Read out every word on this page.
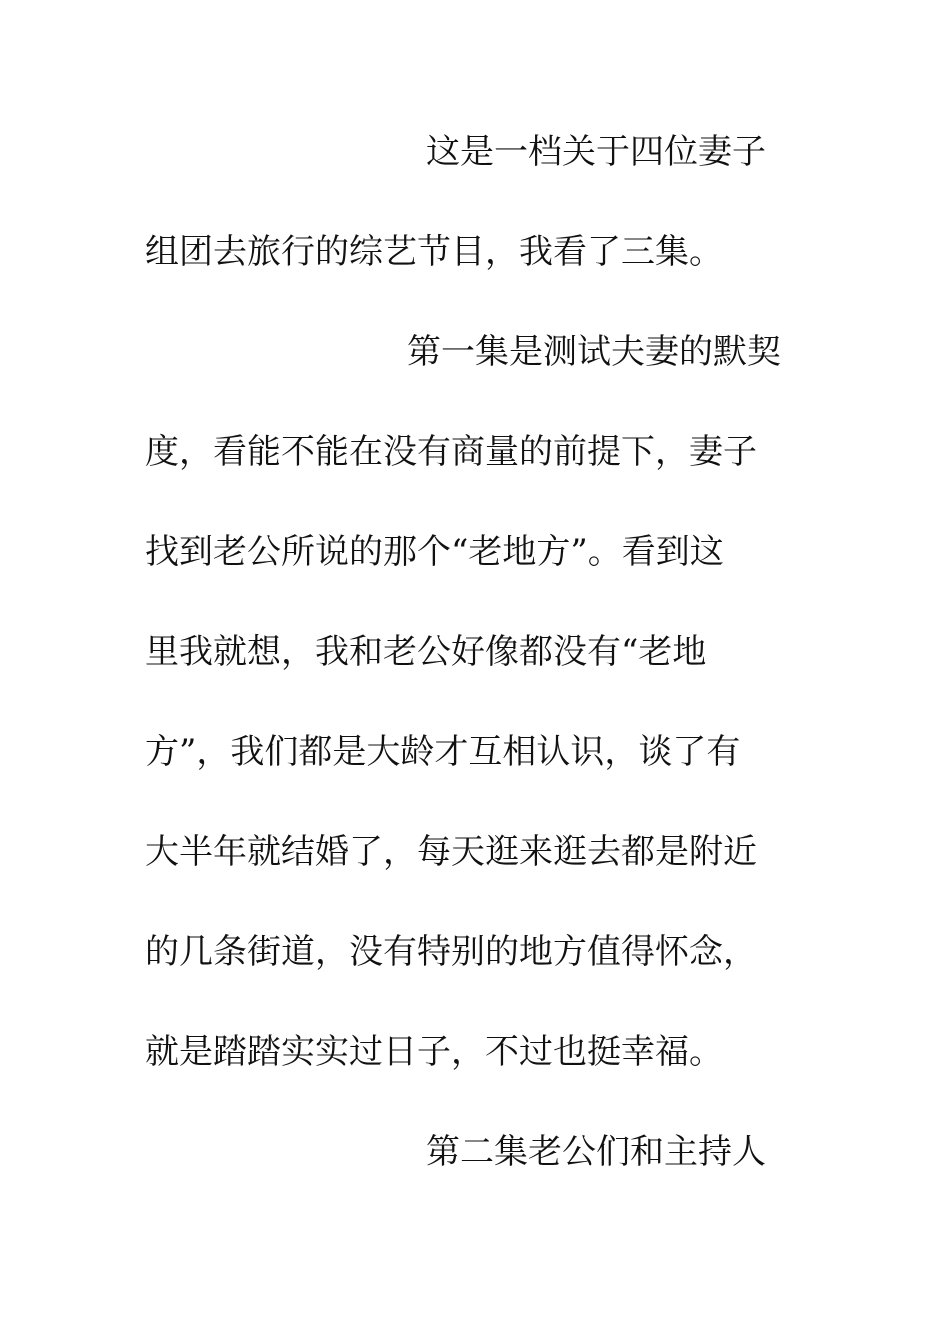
这是一档关于四位妻子

组团去旅行的综艺节目，我看了三集。

第一集是测试夫妻的默契

度，看能不能在没有商量的前提下，妻子

找到老公所说的那个“老地方”。看到这

里我就想，我和老公好像都没有“老地

方”，我们都是大龄才互相认识，谈了有

大半年就结婚了，每天逛来逛去都是附近

的几条街道，没有特别的地方值得怀念，

就是踏踏实实过日子，不过也挺幸福。

第二集老公们和主持人
